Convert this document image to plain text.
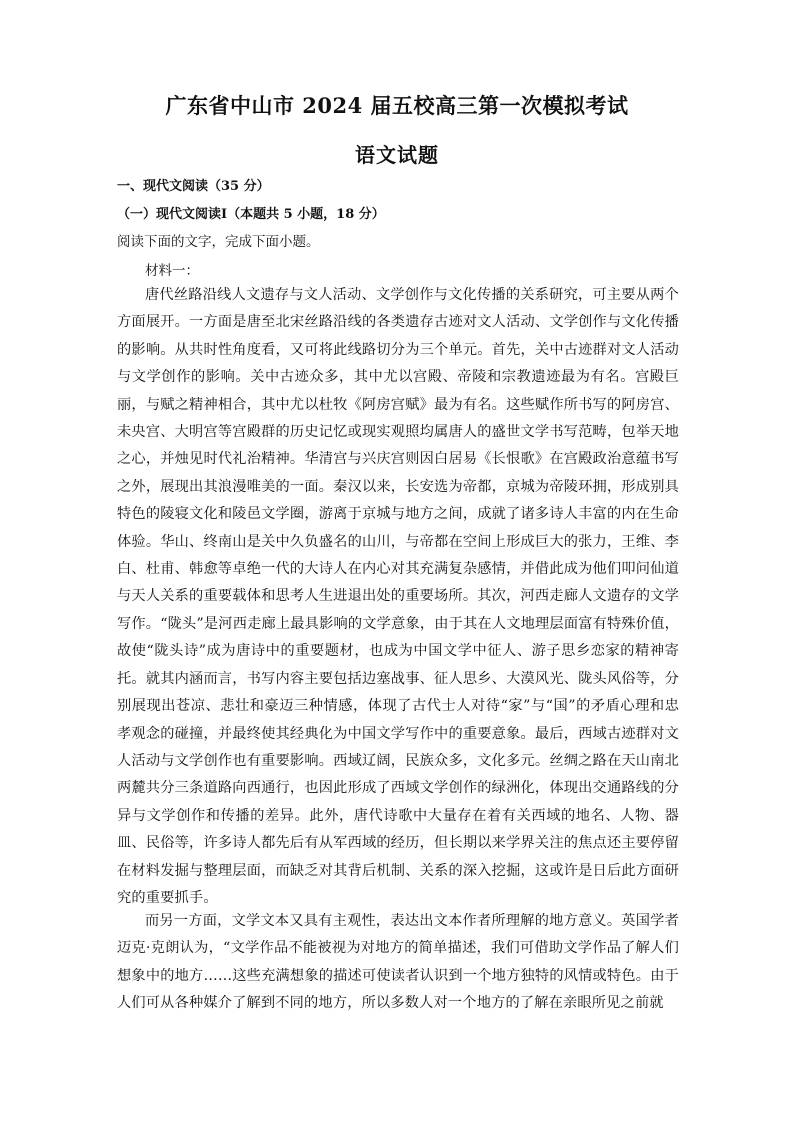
广东省中山市 2024 届五校高三第一次模拟考试
语文试题
一、现代文阅读（35 分）
（一）现代文阅读Ⅰ（本题共 5 小题，18 分）
阅读下面的文字，完成下面小题。
材料一：

唐代丝路沿线人文遗存与文人活动、文学创作与文化传播的关系研究，可主要从两个方面展开。一方面是唐至北宋丝路沿线的各类遗存古迹对文人活动、文学创作与文化传播的影响。从共时性角度看，又可将此线路切分为三个单元。首先，关中古迹群对文人活动与文学创作的影响。关中古迹众多，其中尤以宫殿、帝陵和宗教遗迹最为有名。宫殿巨丽，与赋之精神相合，其中尤以杜牧《阿房宫赋》最为有名。这些赋作所书写的阿房宫、未央宫、大明宫等宫殿群的历史记忆或现实观照均属唐人的盛世文学书写范畴，包举天地之心，并烛见时代礼治精神。华清宫与兴庆宫则因白居易《长恨歌》在宫殿政治意蕴书写之外，展现出其浪漫唯美的一面。秦汉以来，长安选为帝都，京城为帝陵环拥，形成别具特色的陵寝文化和陵邑文学圈，游离于京城与地方之间，成就了诸多诗人丰富的内在生命体验。华山、终南山是关中久负盛名的山川，与帝都在空间上形成巨大的张力，王维、李白、杜甫、韩愈等卓绝一代的大诗人在内心对其充满复杂感情，并借此成为他们叩问仙道与天人关系的重要载体和思考人生进退出处的重要场所。其次，河西走廊人文遗存的文学写作。“陇头”是河西走廊上最具影响的文学意象，由于其在人文地理层面富有特殊价值，故使“陇头诗”成为唐诗中的重要题材，也成为中国文学中征人、游子思乡恋家的精神寄托。就其内涵而言，书写内容主要包括边塞战事、征人思乡、大漠风光、陇头风俗等，分别展现出苍凉、悲壮和豪迈三种情感，体现了古代士人对待“家”与“国”的矛盾心理和忠孝观念的碰撞，并最终使其经典化为中国文学写作中的重要意象。最后，西域古迹群对文人活动与文学创作也有重要影响。西域辽阔，民族众多，文化多元。丝绸之路在天山南北两麓共分三条道路向西通行，也因此形成了西域文学创作的绿洲化，体现出交通路线的分异与文学创作和传播的差异。此外，唐代诗歌中大量存在着有关西域的地名、人物、器皿、民俗等，许多诗人都先后有从军西域的经历，但长期以来学界关注的焦点还主要停留在材料发掘与整理层面，而缺乏对其背后机制、关系的深入挖掘，这或许是日后此方面研究的重要抓手。

而另一方面，文学文本又具有主观性，表达出文本作者所理解的地方意义。英国学者迈克·克朗认为，“文学作品不能被视为对地方的简单描述，我们可借助文学作品了解人们想象中的地方……这些充满想象的描述可使读者认识到一个地方独特的风情或特色。由于人们可从各种媒介了解到不同的地方，所以多数人对一个地方的了解在亲眼所见之前就
